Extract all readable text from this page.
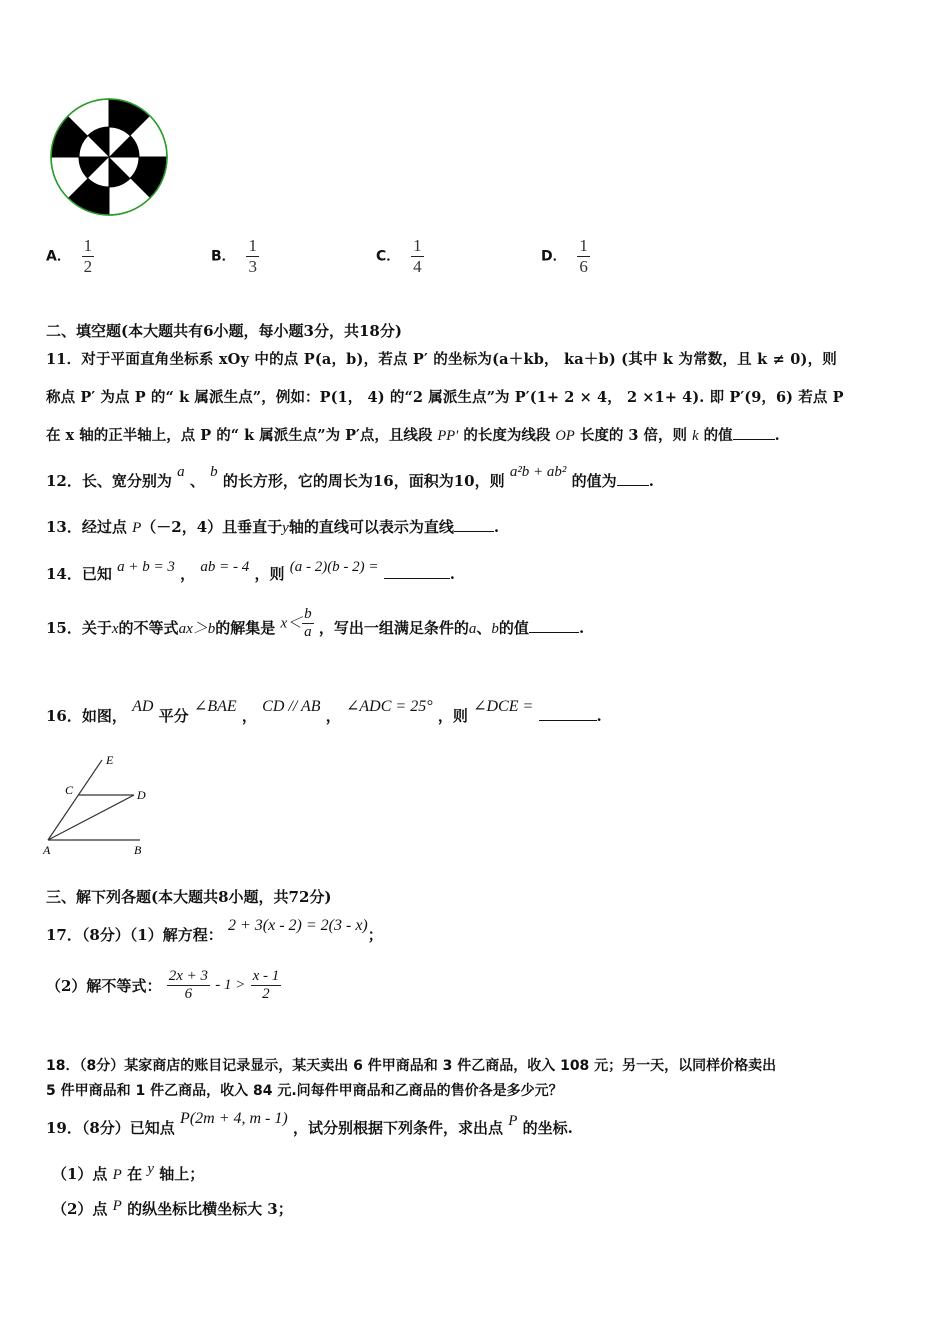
A． $\frac{1}{2}$	B． $\frac{1}{3}$	C． $\frac{1}{4}$	D． $\frac{1}{6}$
二、填空题(本大题共有6小题，每小题3分，共18分)
11．对于平面直角坐标系 xOy 中的点 P(a，b)，若点 P′ 的坐标为(a＋kb， ka＋b) (其中 k 为常数，且 k ≠ 0)，则
称点 P′ 为点 P 的“ k 属派生点”，例如：P(1， 4) 的“2 属派生点”为 P′(1+ 2 × 4， 2 ×1+ 4). 即 P′(9，6) 若点 P
在 x 轴的正半轴上，点 P 的“ k 属派生点”为 P′点，且线段 PP′ 的长度为线段 OP 长度的 3 倍，则 k 的值	.
12．长、宽分别为 a 、 b 的长方形，它的周长为16，面积为10，则 a²b + ab² 的值为 .
13．经过点 P（－2，4）且垂直于y轴的直线可以表示为直线	.
14．已知 a + b = 3 ， ab = - 4 ，则 (a - 2)(b - 2) =	.
15．关于x的不等式ax＞b的解集是 $x< \frac{b}{a}$ ，写出一组满足条件的a、b的值	.
16．如图， AD 平分 ∠BAE ， CD // AB ， ∠ADC = 25° ，则 ∠DCE = .
E
C	D
A	B
三、解下列各题(本大题共8小题，共72分)
17．（8分）（1）解方程： 2 + 3(x - 2) = 2(3 - x)；
（2）解不等式： $\frac{2x + 3}{6} - 1 > \frac{x - 1}{2}$
18．（8分）某家商店的账目记录显示，某天卖出 6 件甲商品和 3 件乙商品，收入 108 元；另一天，以同样价格卖出
5 件甲商品和 1 件乙商品，收入 84 元.问每件甲商品和乙商品的售价各是多少元？
19．（8分）已知点 P(2m + 4, m - 1) ，试分别根据下列条件，求出点 P 的坐标.
（1）点 P 在 y 轴上；
（2）点 P 的纵坐标比横坐标大 3；
